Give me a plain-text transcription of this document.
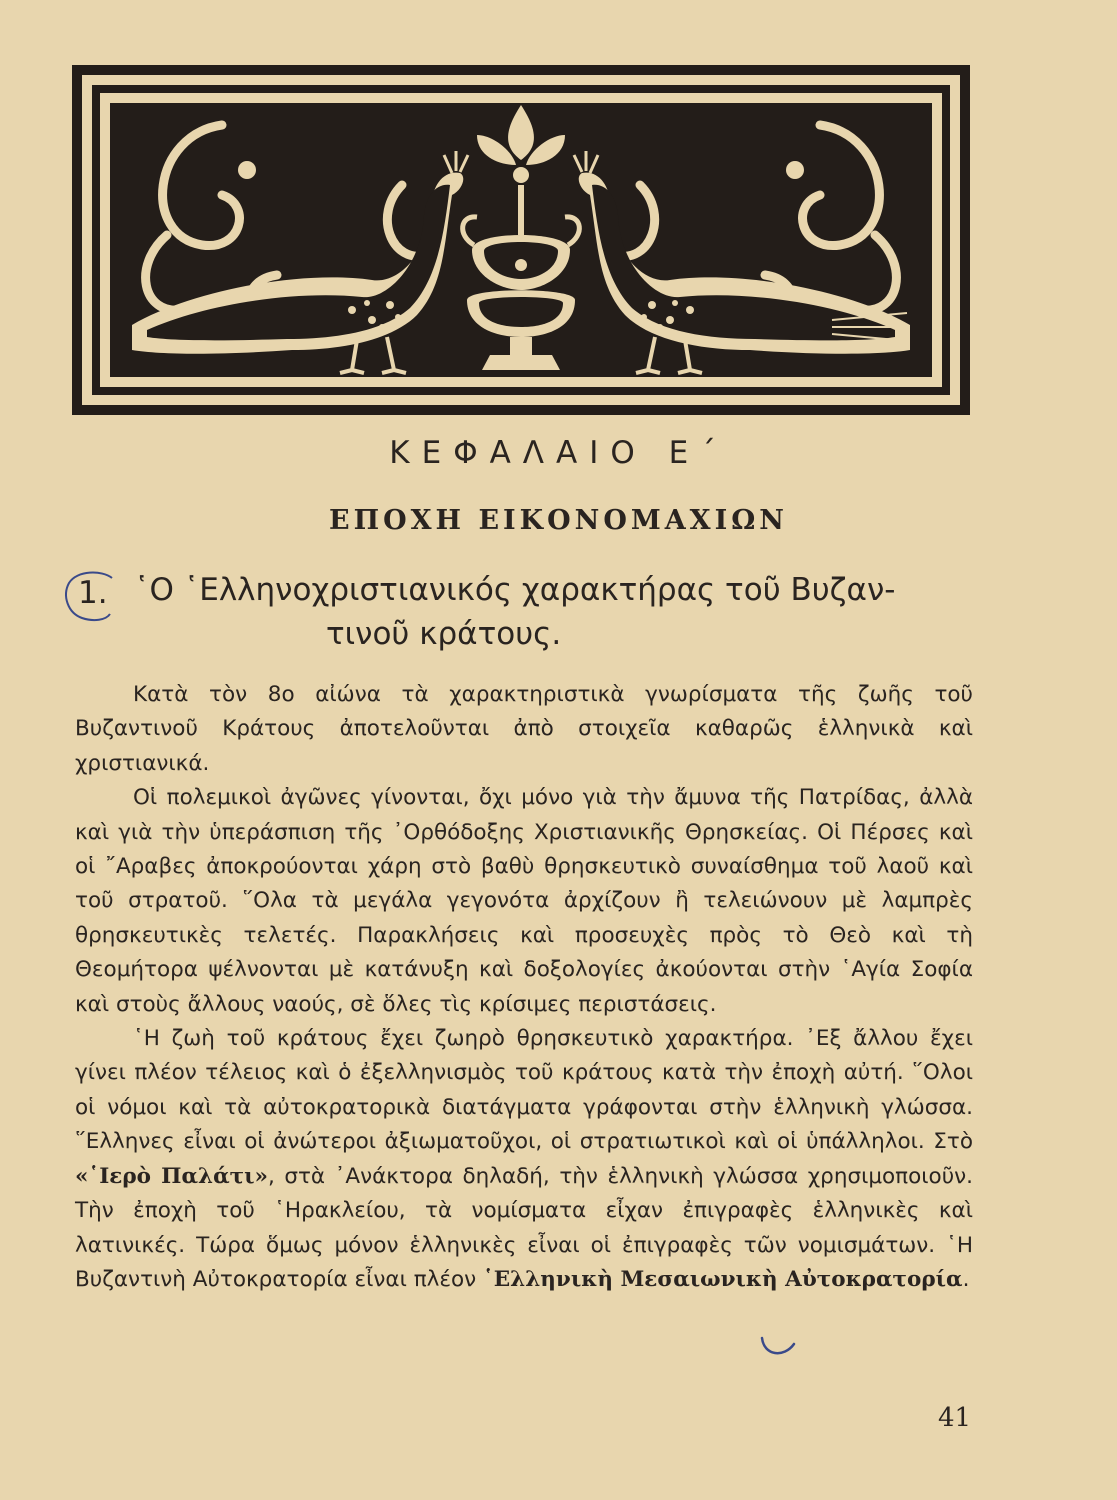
ΚΕΦΑΛΑΙΟ Ε΄
ΕΠΟΧΗ ΕΙΚΟΝΟΜΑΧΙΩΝ
1. ῾Ο ῾Ελληνοχριστιανικός χαρακτήρας τοῦ Βυζαν-
τινοῦ κράτους.

Κατὰ τὸν 8ο αἰώνα τὰ χαρακτηριστικὰ γνωρίσματα τῆς ζωῆς τοῦ Βυζαντινοῦ Κράτους ἀποτελοῦνται ἀπὸ στοιχεῖα καθαρῶς ἑλληνικὰ καὶ χριστιανικά.

Οἱ πολεμικοὶ ἀγῶνες γίνονται, ὄχι μόνο γιὰ τὴν ἄμυνα τῆς Πατρίδας, ἀλλὰ καὶ γιὰ τὴν ὑπεράσπιση τῆς ᾿Ορθόδοξης Χριστιανικῆς Θρησκείας. Οἱ Πέρσες καὶ οἱ ῎Αραβες ἀποκρούονται χάρη στὸ βαθὺ θρησκευτικὸ συναίσθημα τοῦ λαοῦ καὶ τοῦ στρατοῦ. ῞Ολα τὰ μεγάλα γεγονότα ἀρχίζουν ἢ τελειώνουν μὲ λαμπρὲς θρησκευτικὲς τελετές. Παρακλήσεις καὶ προσευχὲς πρὸς τὸ Θεὸ καὶ τὴ Θεομήτορα ψέλνονται μὲ κατάνυξη καὶ δοξολογίες ἀκούονται στὴν ῾Αγία Σοφία καὶ στοὺς ἄλλους ναούς, σὲ ὅλες τὶς κρίσιμες περιστάσεις.

῾Η ζωὴ τοῦ κράτους ἔχει ζωηρὸ θρησκευτικὸ χαρακτήρα. ᾿Εξ ἄλλου ἔχει γίνει πλέον τέλειος καὶ ὁ ἐξελληνισμὸς τοῦ κράτους κατὰ τὴν ἐποχὴ αὐτή. ῞Ολοι οἱ νόμοι καὶ τὰ αὐτοκρατορικὰ διατάγματα γράφονται στὴν ἑλληνικὴ γλώσσα. ῞Ελληνες εἶναι οἱ ἀνώτεροι ἀξιωματοῦχοι, οἱ στρατιωτικοὶ καὶ οἱ ὑπάλληλοι. Στὸ «῾Ιερὸ Παλάτι», στὰ ᾿Ανάκτορα δηλαδή, τὴν ἑλληνικὴ γλώσσα χρησιμοποιοῦν. Τὴν ἐποχὴ τοῦ ῾Ηρακλείου, τὰ νομίσματα εἶχαν ἐπιγραφὲς ἑλληνικὲς καὶ λατινικές. Τώρα ὅμως μόνον ἑλληνικὲς εἶναι οἱ ἐπιγραφὲς τῶν νομισμάτων. ῾Η Βυζαντινὴ Αὐτοκρατορία εἶναι πλέον ῾Ελληνικὴ Μεσαιωνικὴ Αὐτοκρατορία.

41
